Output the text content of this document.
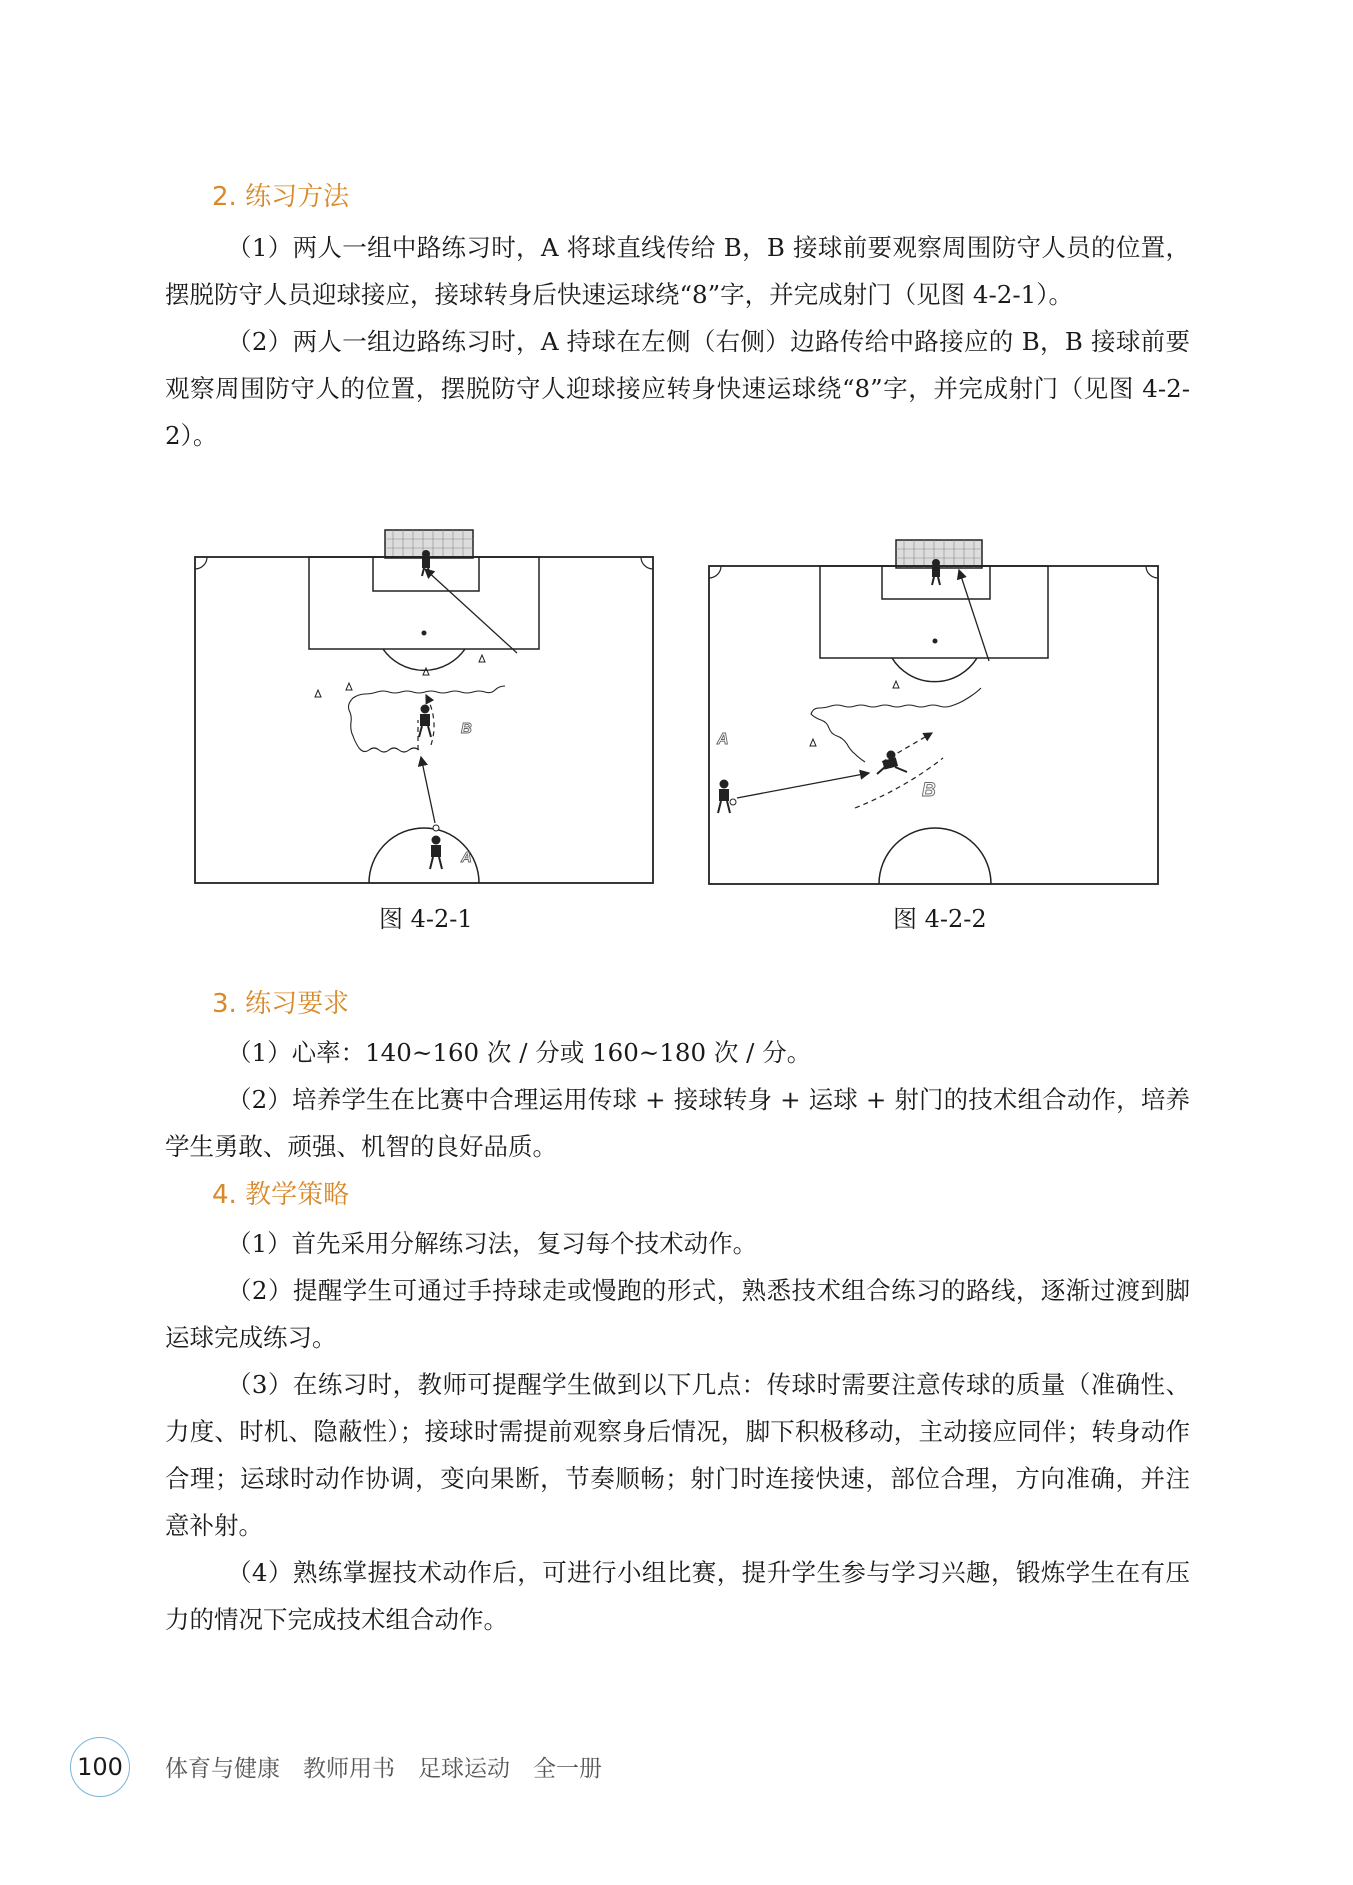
2. 练习方法

（1）两人一组中路练习时，A 将球直线传给 B，B 接球前要观察周围防守人员的位置，摆脱防守人员迎球接应，接球转身后快速运球绕“8”字，并完成射门（见图 4-2-1）。

（2）两人一组边路练习时，A 持球在左侧（右侧）边路传给中路接应的 B，B 接球前要观察周围防守人的位置，摆脱防守人迎球接应转身快速运球绕“8”字，并完成射门（见图 4-2-2）。

B
A
图 4-2-1
A
B
图 4-2-2
3. 练习要求

（1）心率：140~160 次 / 分或 160~180 次 / 分。

（2）培养学生在比赛中合理运用传球 + 接球转身 + 运球 + 射门的技术组合动作，培养学生勇敢、顽强、机智的良好品质。

4. 教学策略

（1）首先采用分解练习法，复习每个技术动作。

（2）提醒学生可通过手持球走或慢跑的形式，熟悉技术组合练习的路线，逐渐过渡到脚运球完成练习。

（3）在练习时，教师可提醒学生做到以下几点：传球时需要注意传球的质量（准确性、力度、时机、隐蔽性）；接球时需提前观察身后情况，脚下积极移动，主动接应同伴；转身动作合理；运球时动作协调，变向果断，节奏顺畅；射门时连接快速，部位合理，方向准确，并注意补射。

（4）熟练掌握技术动作后，可进行小组比赛，提升学生参与学习兴趣，锻炼学生在有压力的情况下完成技术组合动作。

100	体育与健康　教师用书　足球运动　全一册
